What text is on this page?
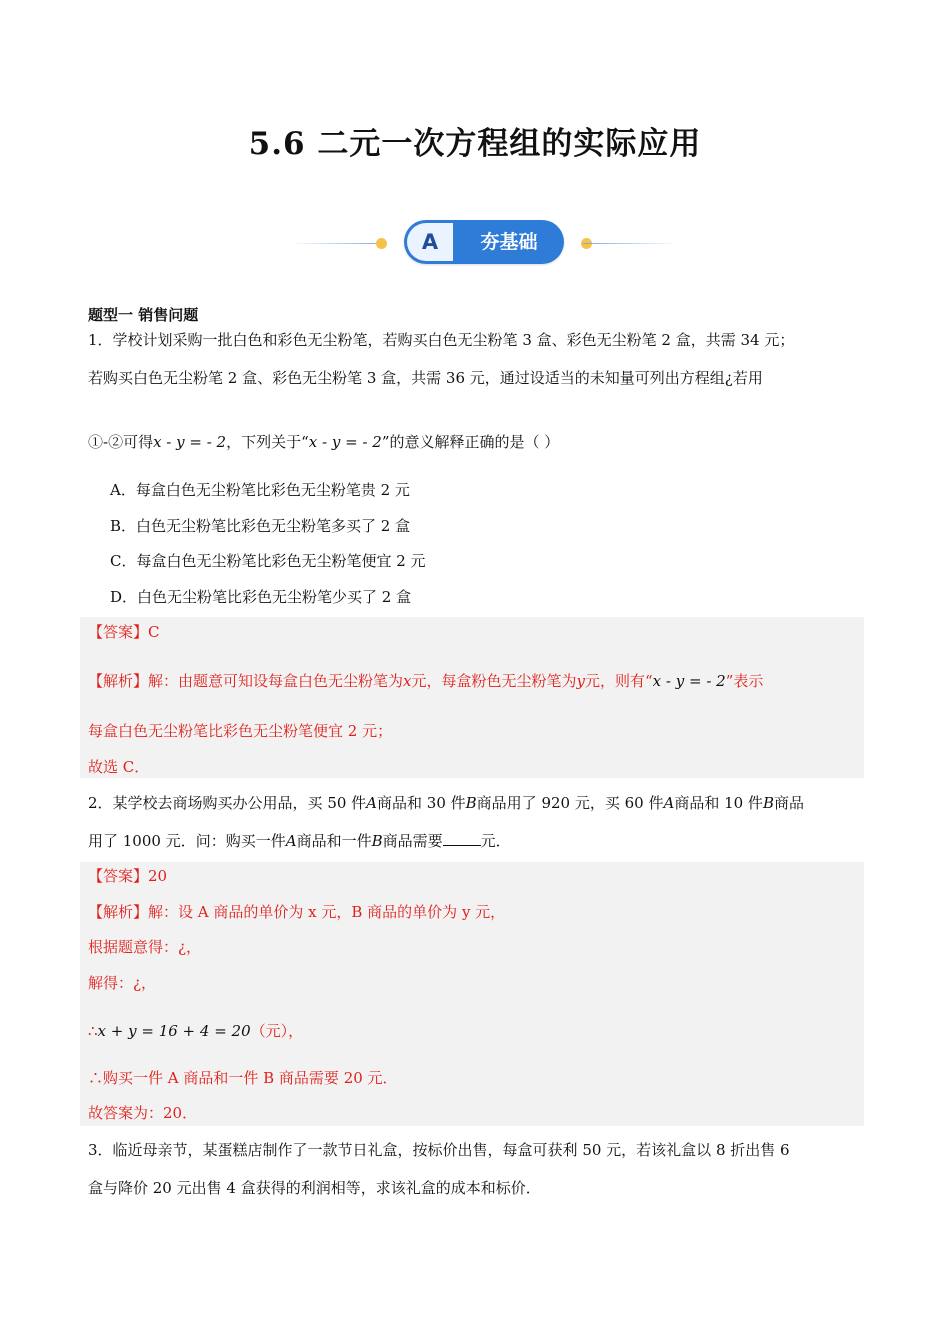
5.6 二元一次方程组的实际应用
A	夯基础
题型一 销售问题
1．学校计划采购一批白色和彩色无尘粉笔，若购买白色无尘粉笔 3 盒、彩色无尘粉笔 2 盒，共需 34 元；
若购买白色无尘粉笔 2 盒、彩色无尘粉笔 3 盒，共需 36 元，通过设适当的未知量可列出方程组¿若用
①-②可得x - y = - 2，下列关于“x - y = - 2”的意义解释正确的是（ ）
A．每盒白色无尘粉笔比彩色无尘粉笔贵 2 元
B．白色无尘粉笔比彩色无尘粉笔多买了 2 盒
C．每盒白色无尘粉笔比彩色无尘粉笔便宜 2 元
D．白色无尘粉笔比彩色无尘粉笔少买了 2 盒
【答案】C
【解析】解：由题意可知设每盒白色无尘粉笔为x元，每盒粉色无尘粉笔为y元，则有“x - y = - 2”表示
每盒白色无尘粉笔比彩色无尘粉笔便宜 2 元；
故选 C．
2．某学校去商场购买办公用品，买 50 件A商品和 30 件B商品用了 920 元，买 60 件A商品和 10 件B商品
用了 1000 元．问：购买一件A商品和一件B商品需要	元．
【答案】20
【解析】解：设 A 商品的单价为 x 元，B 商品的单价为 y 元，
根据题意得：¿，
解得：¿，
∴x + y = 16 + 4 = 20（元），
∴购买一件 A 商品和一件 B 商品需要 20 元．
故答案为：20．
3．临近母亲节，某蛋糕店制作了一款节日礼盒，按标价出售，每盒可获利 50 元，若该礼盒以 8 折出售 6
盒与降价 20 元出售 4 盒获得的利润相等，求该礼盒的成本和标价．
